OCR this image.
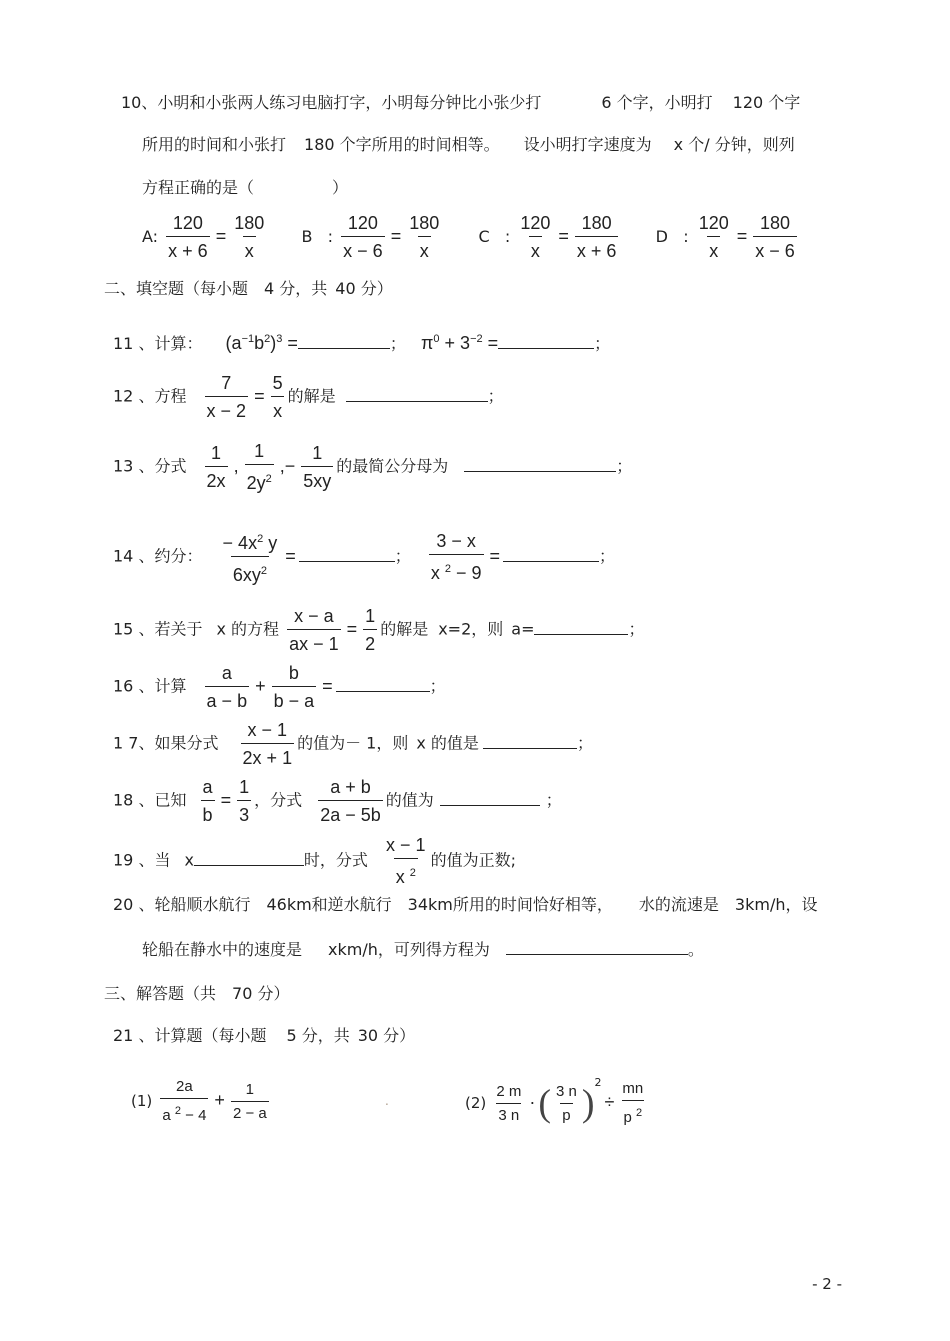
10、小明和小张两人练习电脑打字，小明每分钟比小张少打	6 个字，小明打 120 个字
所用的时间和小张打 180 个字所用的时间相等。 设小明打字速度为 x 个/ 分钟，则列
方程正确的是（	）
A: $\frac{120}{x + 6} = \frac{180}{x}$ B   : $\frac{120}{x - 6} = \frac{180}{x}$ C   : $\frac{120}{x} = \frac{180}{x + 6}$ D   : $\frac{120}{x} = \frac{180}{x - 6}$
二、填空题（每小题 4 分，共 40 分）
11 、计算： $(a^{-1}b^2)^3$ =	； $\pi^0 + 3^{-2}$ =	；
12 、方程 $\frac{7}{x - 2} = \frac{5}{x}$ 的解是	；
13 、分式 $\frac{1}{2x}$ , $\frac{1}{2y^2}$ ,− $\frac{1}{5xy}$ 的最简公分母为	；
14 、约分： $\frac{- 4x^2 y}{6xy^2}$ =	； $\frac{3 - x}{x ^2 - 9}$ =	；
15 、若关于 x 的方程 $\frac{x - a}{ax - 1} = \frac{1}{2}$ 的解是 x=2，则 a=	；
16 、计算 $\frac{a}{a - b} + \frac{b}{b - a}$ =	；
1 7、如果分式 $\frac{x - 1}{2x + 1}$ 的值为－ 1，则 x 的值是	；
18 、已知 $\frac{a}{b} = \frac{1}{3}$ ，分式 $\frac{a + b}{2a - 5b}$ 的值为	；
19 、当 x	时，分式 $\frac{x - 1}{x ^2}$ 的值为正数;
20 、轮船顺水航行 46km和逆水航行 34km所用的时间恰好相等， 水的流速是 3km/h，设
轮船在静水中的速度是 xkm/h，可列得方程为	。
三、解答题（共 70 分）
21 、计算题（每小题 5 分，共 30 分）
$(1) \frac{2a}{a ^2 - 4} + \frac{1}{2 - a}$	.	$(2) \frac{2 m}{3 n}$ ·( $\frac{3 n}{p} )^2\div \frac{mn}{p ^2}$
- 2 -
